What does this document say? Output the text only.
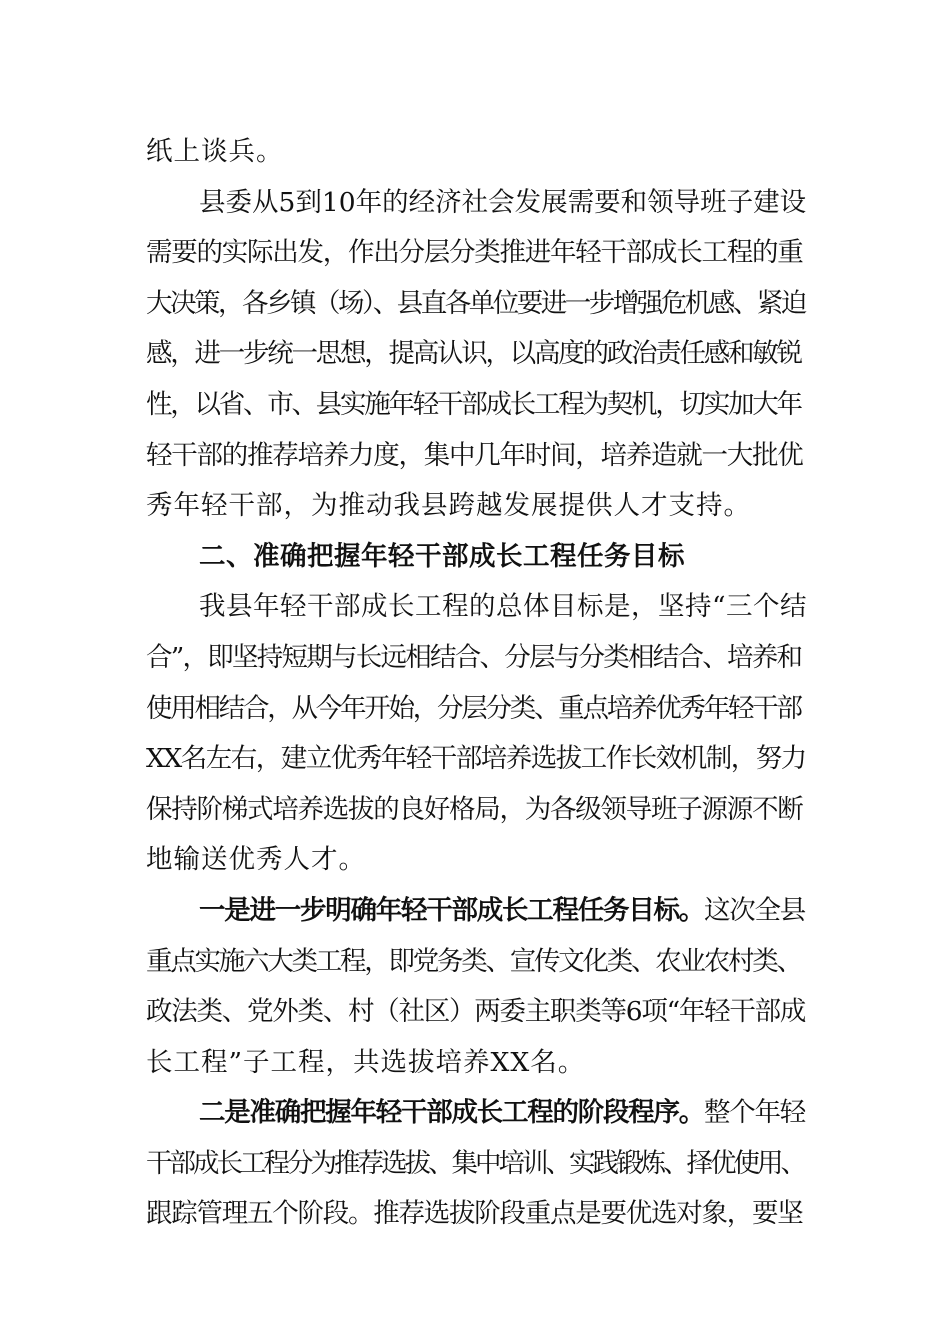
纸上谈兵。
县委从5到10年的经济社会发展需要和领导班子建设
需要的实际出发，作出分层分类推进年轻干部成长工程的重
大决策，各乡镇（场）、县直各单位要进一步增强危机感、紧迫
感，进一步统一思想，提高认识，以高度的政治责任感和敏锐
性，以省、市、县实施年轻干部成长工程为契机，切实加大年
轻干部的推荐培养力度，集中几年时间，培养造就一大批优
秀年轻干部，为推动我县跨越发展提供人才支持。
二、准确把握年轻干部成长工程任务目标
我县年轻干部成长工程的总体目标是，坚持“三个结
合”，即坚持短期与长远相结合、分层与分类相结合、培养和
使用相结合，从今年开始，分层分类、重点培养优秀年轻干部
XX名左右，建立优秀年轻干部培养选拔工作长效机制，努力
保持阶梯式培养选拔的良好格局，为各级领导班子源源不断
地输送优秀人才。
一是进一步明确年轻干部成长工程任务目标。这次全县
重点实施六大类工程，即党务类、宣传文化类、农业农村类、
政法类、党外类、村（社区）两委主职类等6项“年轻干部成
长工程”子工程，共选拔培养XX名。
二是准确把握年轻干部成长工程的阶段程序。整个年轻
干部成长工程分为推荐选拔、集中培训、实践锻炼、择优使用、
跟踪管理五个阶段。推荐选拔阶段重点是要优选对象，要坚
